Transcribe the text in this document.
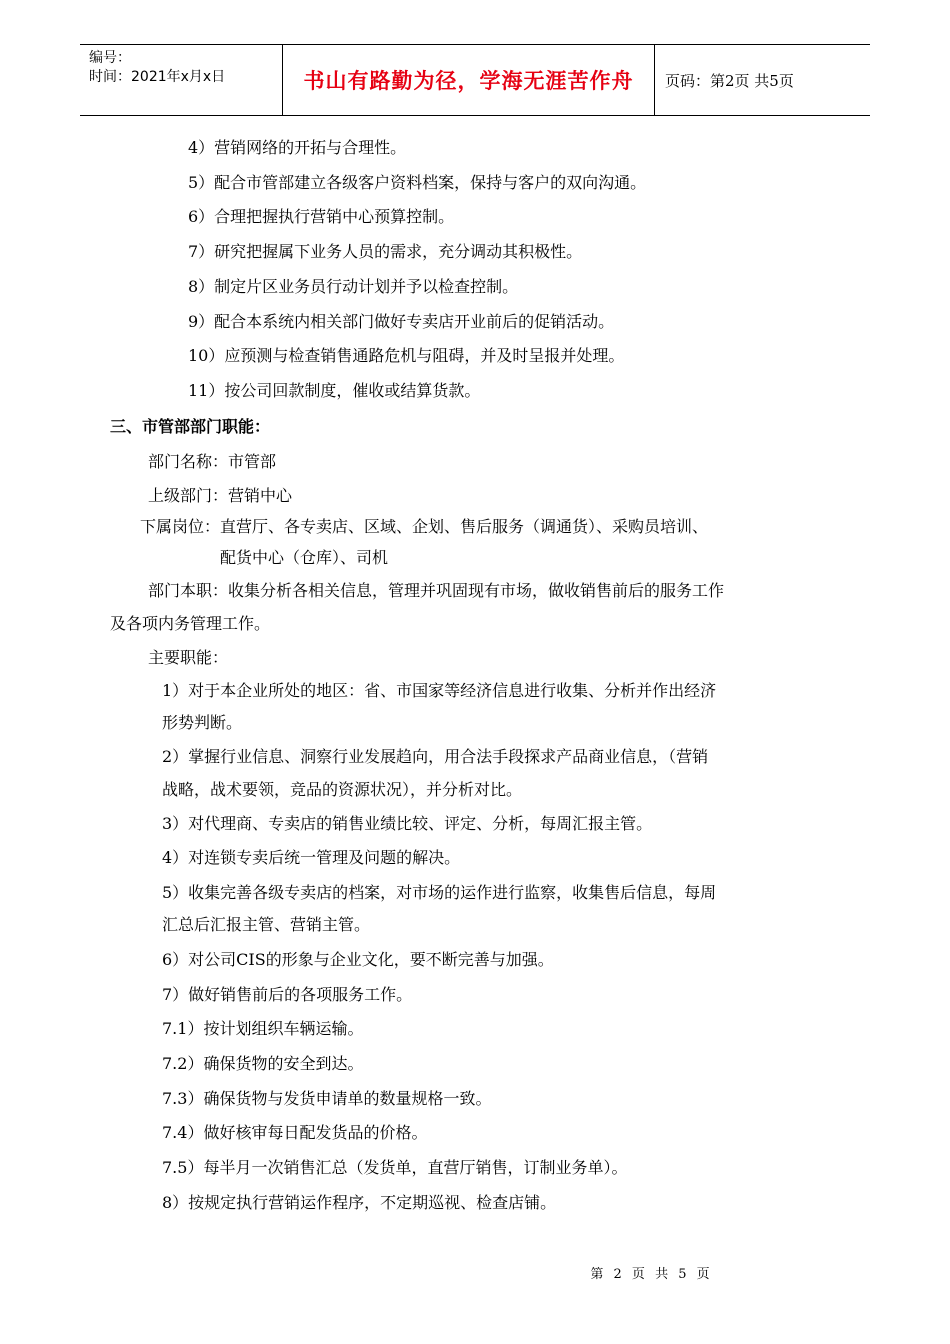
编号：
时间：2021年x月x日	书山有路勤为径，学海无涯苦作舟	页码：第2页 共5页
4）营销网络的开拓与合理性。
5）配合市管部建立各级客户资料档案，保持与客户的双向沟通。
6）合理把握执行营销中心预算控制。
7）研究把握属下业务人员的需求，充分调动其积极性。
8）制定片区业务员行动计划并予以检查控制。
9）配合本系统内相关部门做好专卖店开业前后的促销活动。
10）应预测与检查销售通路危机与阻碍，并及时呈报并处理。
11）按公司回款制度，催收或结算货款。
三、市管部部门职能：
部门名称：市管部
上级部门：营销中心
下属岗位：直营厅、各专卖店、区域、企划、售后服务（调通货）、采购员培训、
配货中心（仓库）、司机
部门本职：收集分析各相关信息，管理并巩固现有市场，做收销售前后的服务工作
及各项内务管理工作。
主要职能：
1）对于本企业所处的地区：省、市国家等经济信息进行收集、分析并作出经济
形势判断。
2）掌握行业信息、洞察行业发展趋向，用合法手段探求产品商业信息，（营销
战略，战术要领，竞品的资源状况），并分析对比。
3）对代理商、专卖店的销售业绩比较、评定、分析，每周汇报主管。
4）对连锁专卖后统一管理及问题的解决。
5）收集完善各级专卖店的档案，对市场的运作进行监察，收集售后信息，每周
汇总后汇报主管、营销主管。
6）对公司CIS的形象与企业文化，要不断完善与加强。
7）做好销售前后的各项服务工作。
7.1）按计划组织车辆运输。
7.2）确保货物的安全到达。
7.3）确保货物与发货申请单的数量规格一致。
7.4）做好核审每日配发货品的价格。
7.5）每半月一次销售汇总（发货单，直营厅销售，订制业务单）。
8）按规定执行营销运作程序，不定期巡视、检查店铺。
第 2 页 共 5 页
